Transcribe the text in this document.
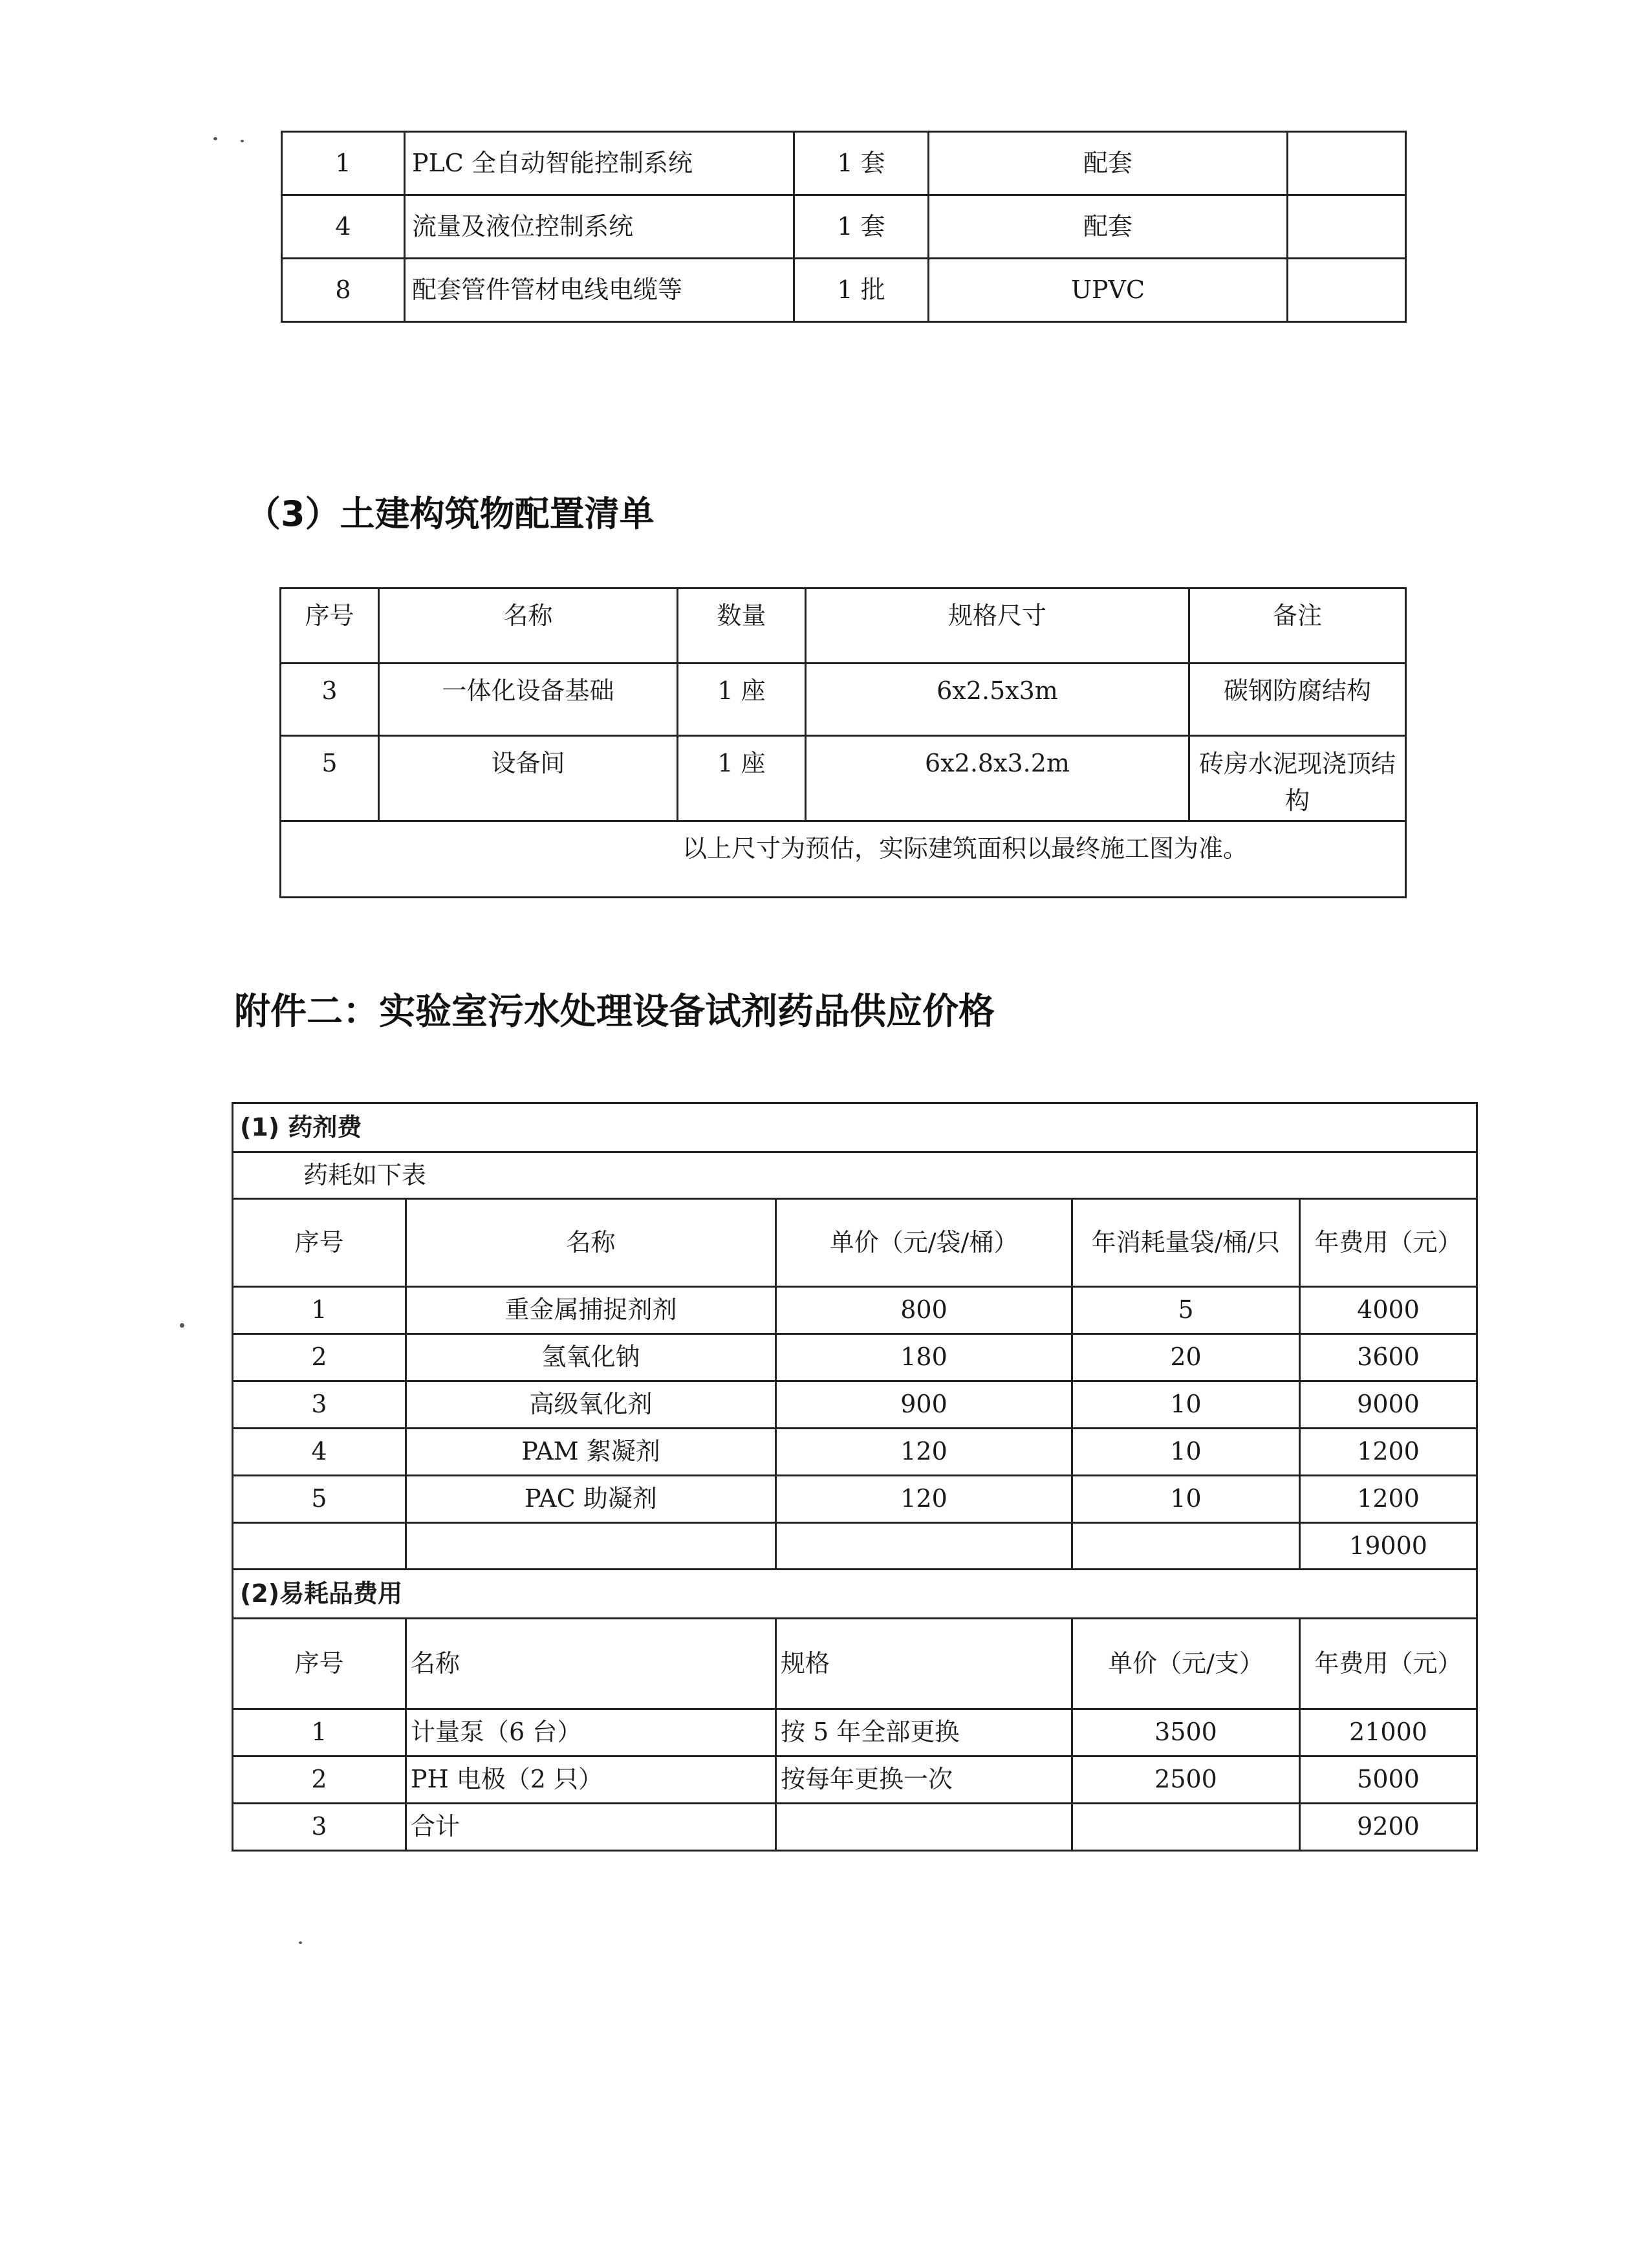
1	PLC 全自动智能控制系统	1 套	配套	
4	流量及液位控制系统	1 套	配套	
8	配套管件管材电线电缆等	1 批	UPVC	
（3）土建构筑物配置清单
序号	名称	数量	规格尺寸	备注
3	一体化设备基础	1 座	6x2.5x3m	碳钢防腐结构
5	设备间	1 座	6x2.8x3.2m	砖房水泥现浇顶结构
以上尺寸为预估，实际建筑面积以最终施工图为准。				
附件二：实验室污水处理设备试剂药品供应价格
(1) 药剂费				
药耗如下表				
序号	名称	单价（元/袋/桶）	年消耗量袋/桶/只	年费用（元）
1	重金属捕捉剂剂	800	5	4000
2	氢氧化钠	180	20	3600
3	高级氧化剂	900	10	9000
4	PAM 絮凝剂	120	10	1200
5	PAC 助凝剂	120	10	1200
				19000
(2)易耗品费用				
序号	名称	规格	单价（元/支）	年费用（元）
1	计量泵（6 台）	按 5 年全部更换	3500	21000
2	PH 电极（2 只）	按每年更换一次	2500	5000
3	合计			9200
